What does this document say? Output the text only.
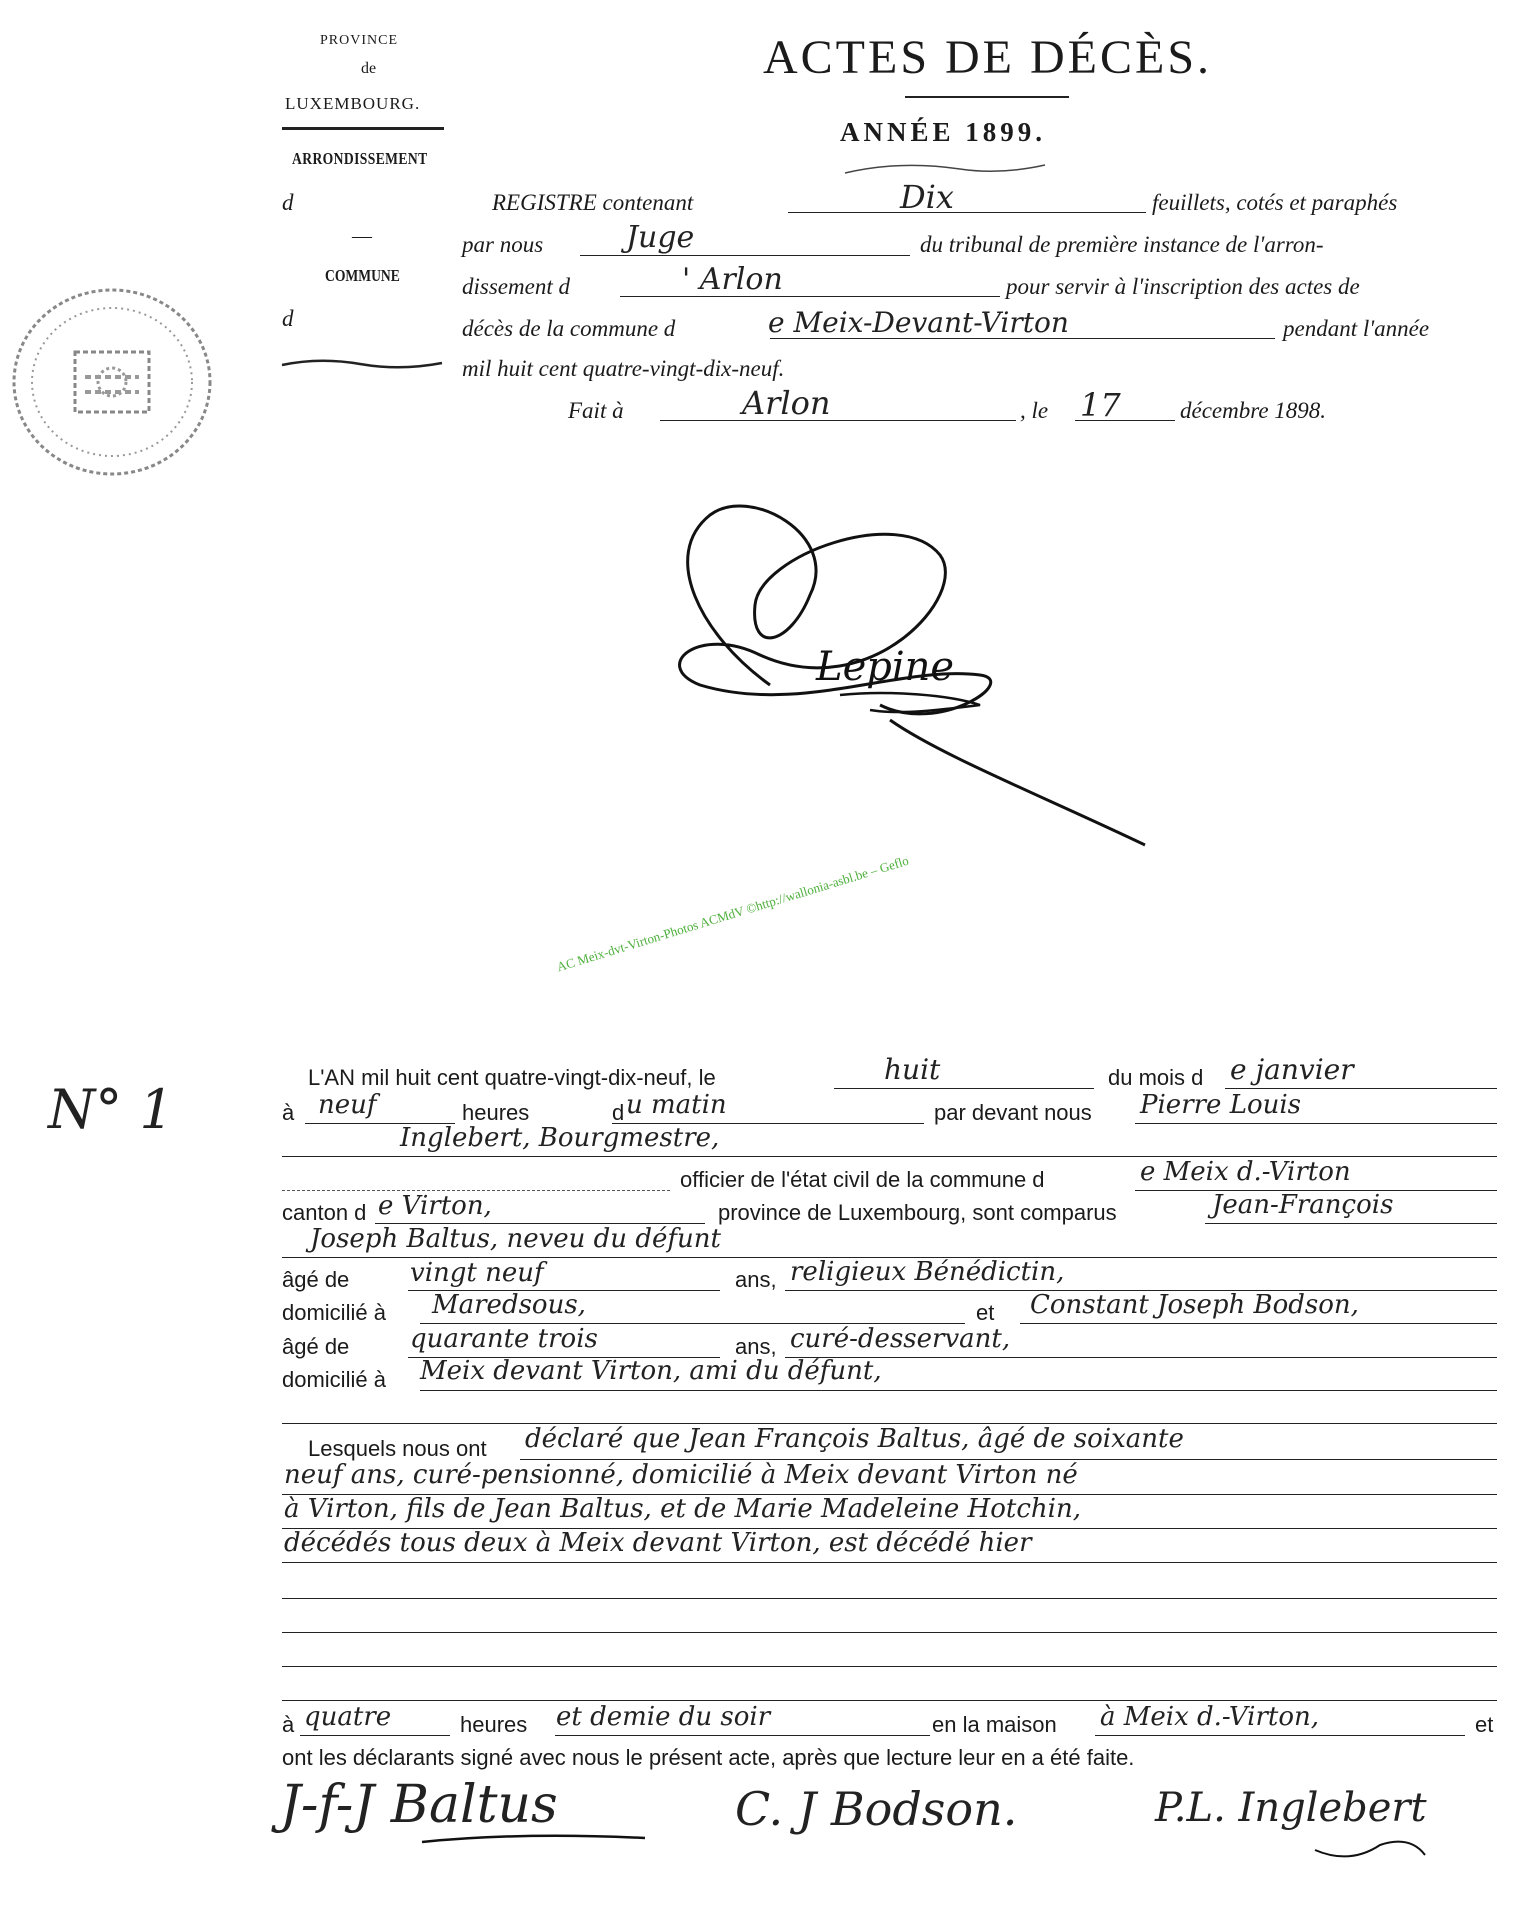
PROVINCE
de
LUXEMBOURG.
ARRONDISSEMENT
d
—
COMMUNE
d
ACTES DE DÉCÈS.
ANNÉE 1899.
REGISTRE contenant	Dix	feuillets, cotés et paraphés
par nous	Juge	du tribunal de première instance de l'arron-
dissement d	' Arlon	pour servir à l'inscription des actes de
décès de la commune d	e Meix-Devant-Virton	pendant l'année
mil huit cent quatre-vingt-dix-neuf.
Fait à	Arlon	, le 17	décembre 1898.
Lepine
AC Meix-dvt-Virton-Photos ACMdV ©http://wallonia-asbl.be – Geflo
N° 1
L'AN mil huit cent quatre-vingt-dix-neuf, le	huit	du mois d e janvier
à neuf	heures	d u matin	par devant nous Pierre Louis
Inglebert, Bourgmestre,
officier de l'état civil de la commune d	e Meix d.-Virton
canton d e Virton,	province de Luxembourg, sont comparus	Jean-François
Joseph Baltus, neveu du défunt
âgé de vingt neuf	ans, religieux Bénédictin,
domicilié à Maredsous,	et Constant Joseph Bodson,
âgé de quarante trois	ans, curé-desservant,
domicilié à Meix devant Virton, ami du défunt,
Lesquels nous ont déclaré que Jean François Baltus, âgé de soixante
neuf ans, curé-pensionné, domicilié à Meix devant Virton né
à Virton, fils de Jean Baltus, et de Marie Madeleine Hotchin,
décédés tous deux à Meix devant Virton, est décédé hier
à quatre	heures et demie du soir	en la maison à Meix d.-Virton,	et
ont les déclarants signé avec nous le présent acte, après que lecture leur en a été faite.
J-f-J Baltus	C. J Bodson.	P.L. Inglebert
